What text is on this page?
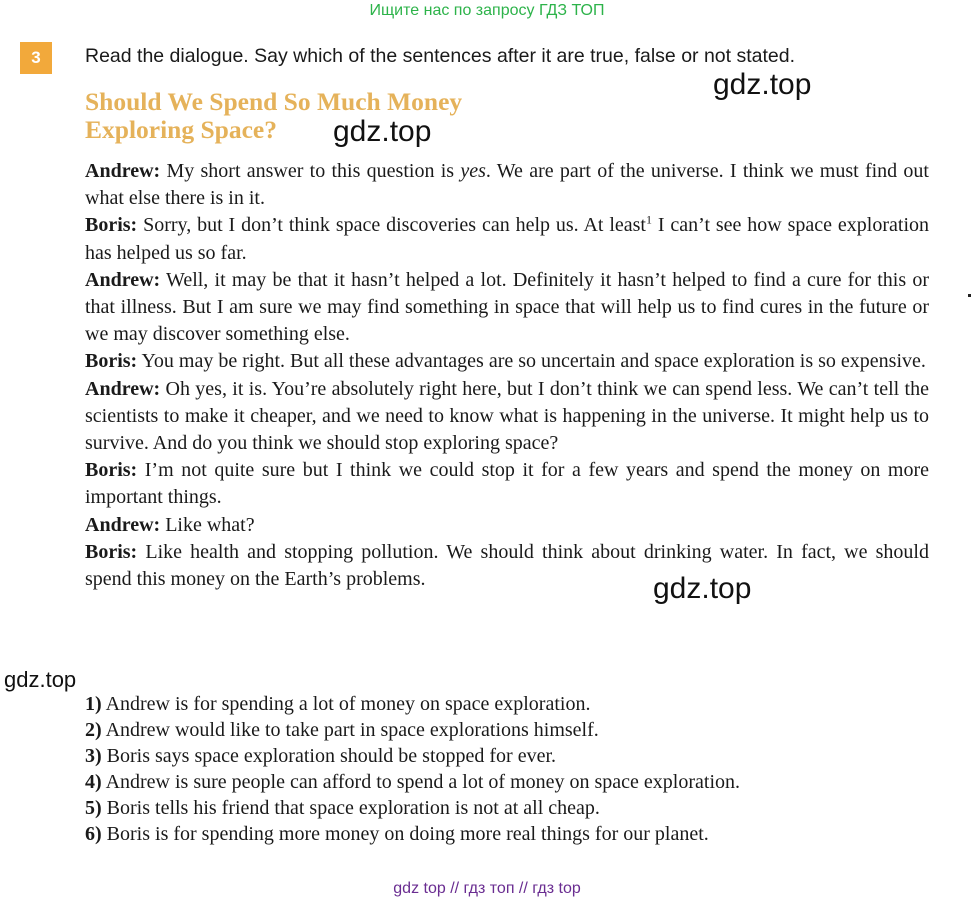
Ищите нас по запросу ГДЗ ТОП
3	Read the dialogue. Say which of the sentences after it are true, false or not stated.
Should We Spend So Much Money
Exploring Space?
gdz.top
gdz.top
Andrew: My short answer to this question is yes. We are part of the universe. I think we must find out what else there is in it.
Boris: Sorry, but I don’t think space discoveries can help us. At least$^1$ I can’t see how space exploration has helped us so far.
Andrew: Well, it may be that it hasn’t helped a lot. Definitely it hasn’t helped to find a cure for this or that illness. But I am sure we may find something in space that will help us to find cures in the future or we may discover something else.
Boris: You may be right. But all these advantages are so uncertain and space exploration is so expensive.
Andrew: Oh yes, it is. You’re absolutely right here, but I don’t think we can spend less. We can’t tell the scientists to make it cheaper, and we need to know what is happening in the universe. It might help us to survive. And do you think we should stop exploring space?
Boris: I’m not quite sure but I think we could stop it for a few years and spend the money on more important things.
Andrew: Like what?
Boris: Like health and stopping pollution. We should think about drinking water. In fact, we should spend this money on the Earth’s problems.	gdz.top
gdz.top
1) Andrew is for spending a lot of money on space exploration.
2) Andrew would like to take part in space explorations himself.
3) Boris says space exploration should be stopped for ever.
4) Andrew is sure people can afford to spend a lot of money on space exploration.
5) Boris tells his friend that space exploration is not at all cheap.
6) Boris is for spending more money on doing more real things for our planet.
gdz top // гдз топ // гдз top
